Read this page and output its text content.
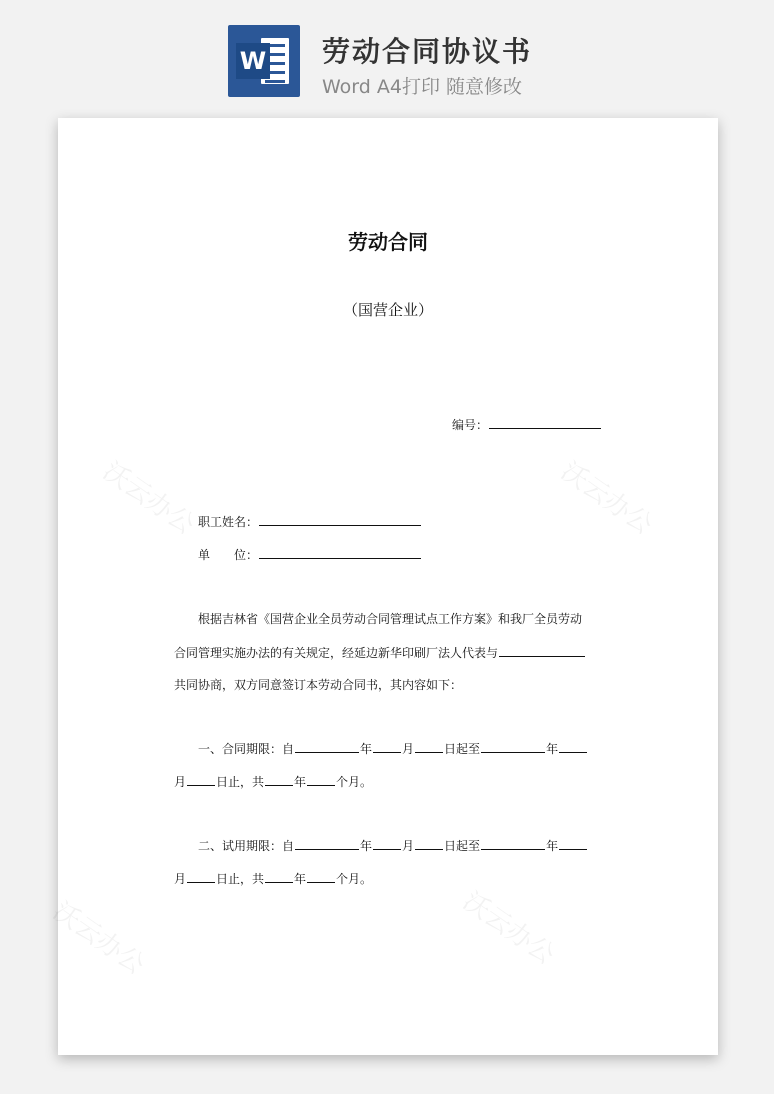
W 劳动合同协议书
Word A4打印 随意修改
沃云办公	沃云办公
沃云办公	沃云办公
劳动合同
（国营企业）
编号：
职工姓名：
单 位：
根据吉林省《国营企业全员劳动合同管理试点工作方案》和我厂全员劳动
合同管理实施办法的有关规定，经延边新华印刷厂法人代表与
共同协商，双方同意签订本劳动合同书，其内容如下：
一、合同期限：自	年	月	日起至	年
月	日止，共	年	个月。
二、试用期限：自	年	月	日起至	年
月	日止，共	年	个月。
